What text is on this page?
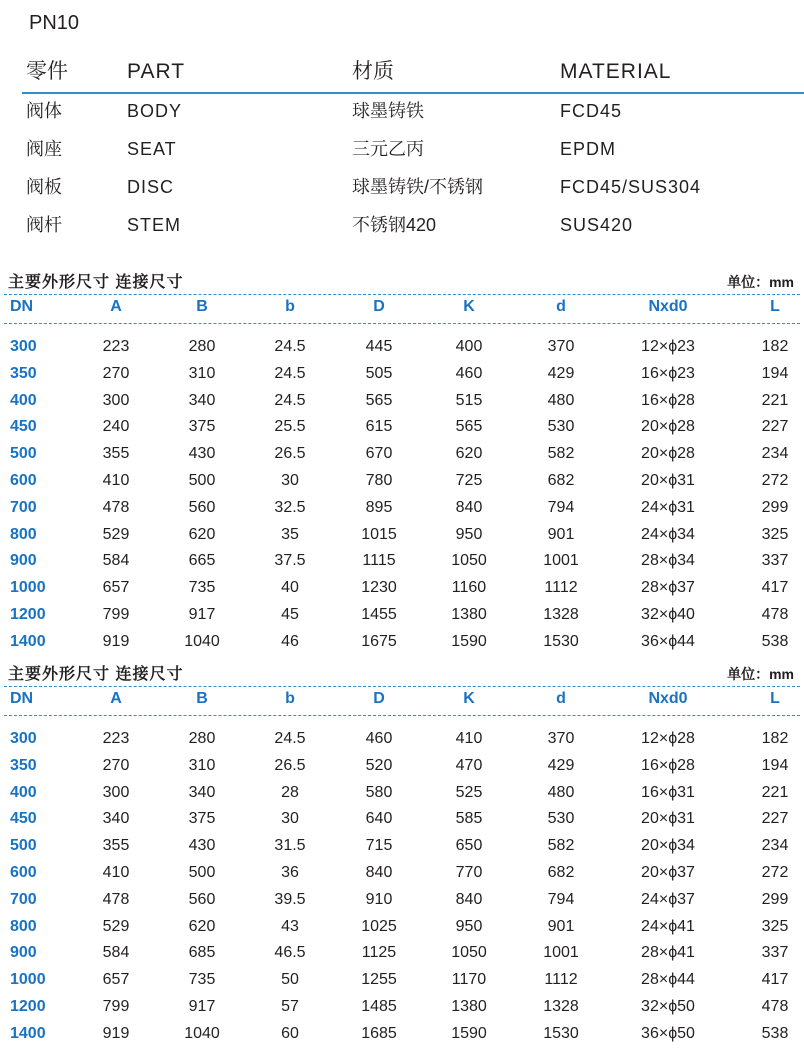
PN10
零件	PART	材质	MATERIAL
阀体	BODY	球墨铸铁	FCD45
阀座	SEAT	三元乙丙	EPDM
阀板	DISC	球墨铸铁/不锈钢	FCD45/SUS304
阀杆	STEM	不锈钢420	SUS420
主要外形尺寸 连接尺寸	单位：mm
DN	A	B	b	D	K	d	Nxd0	L
300	223	280	24.5	445	400	370	12×ϕ23	182
350	270	310	24.5	505	460	429	16×ϕ23	194
400	300	340	24.5	565	515	480	16×ϕ28	221
450	240	375	25.5	615	565	530	20×ϕ28	227
500	355	430	26.5	670	620	582	20×ϕ28	234
600	410	500	30	780	725	682	20×ϕ31	272
700	478	560	32.5	895	840	794	24×ϕ31	299
800	529	620	35	1015	950	901	24×ϕ34	325
900	584	665	37.5	1115	1050	1001	28×ϕ34	337
1000	657	735	40	1230	1160	1112	28×ϕ37	417
1200	799	917	45	1455	1380	1328	32×ϕ40	478
1400	919	1040	46	1675	1590	1530	36×ϕ44	538
主要外形尺寸 连接尺寸	单位：mm
DN	A	B	b	D	K	d	Nxd0	L
300	223	280	24.5	460	410	370	12×ϕ28	182
350	270	310	26.5	520	470	429	16×ϕ28	194
400	300	340	28	580	525	480	16×ϕ31	221
450	340	375	30	640	585	530	20×ϕ31	227
500	355	430	31.5	715	650	582	20×ϕ34	234
600	410	500	36	840	770	682	20×ϕ37	272
700	478	560	39.5	910	840	794	24×ϕ37	299
800	529	620	43	1025	950	901	24×ϕ41	325
900	584	685	46.5	1125	1050	1001	28×ϕ41	337
1000	657	735	50	1255	1170	1112	28×ϕ44	417
1200	799	917	57	1485	1380	1328	32×ϕ50	478
1400	919	1040	60	1685	1590	1530	36×ϕ50	538
